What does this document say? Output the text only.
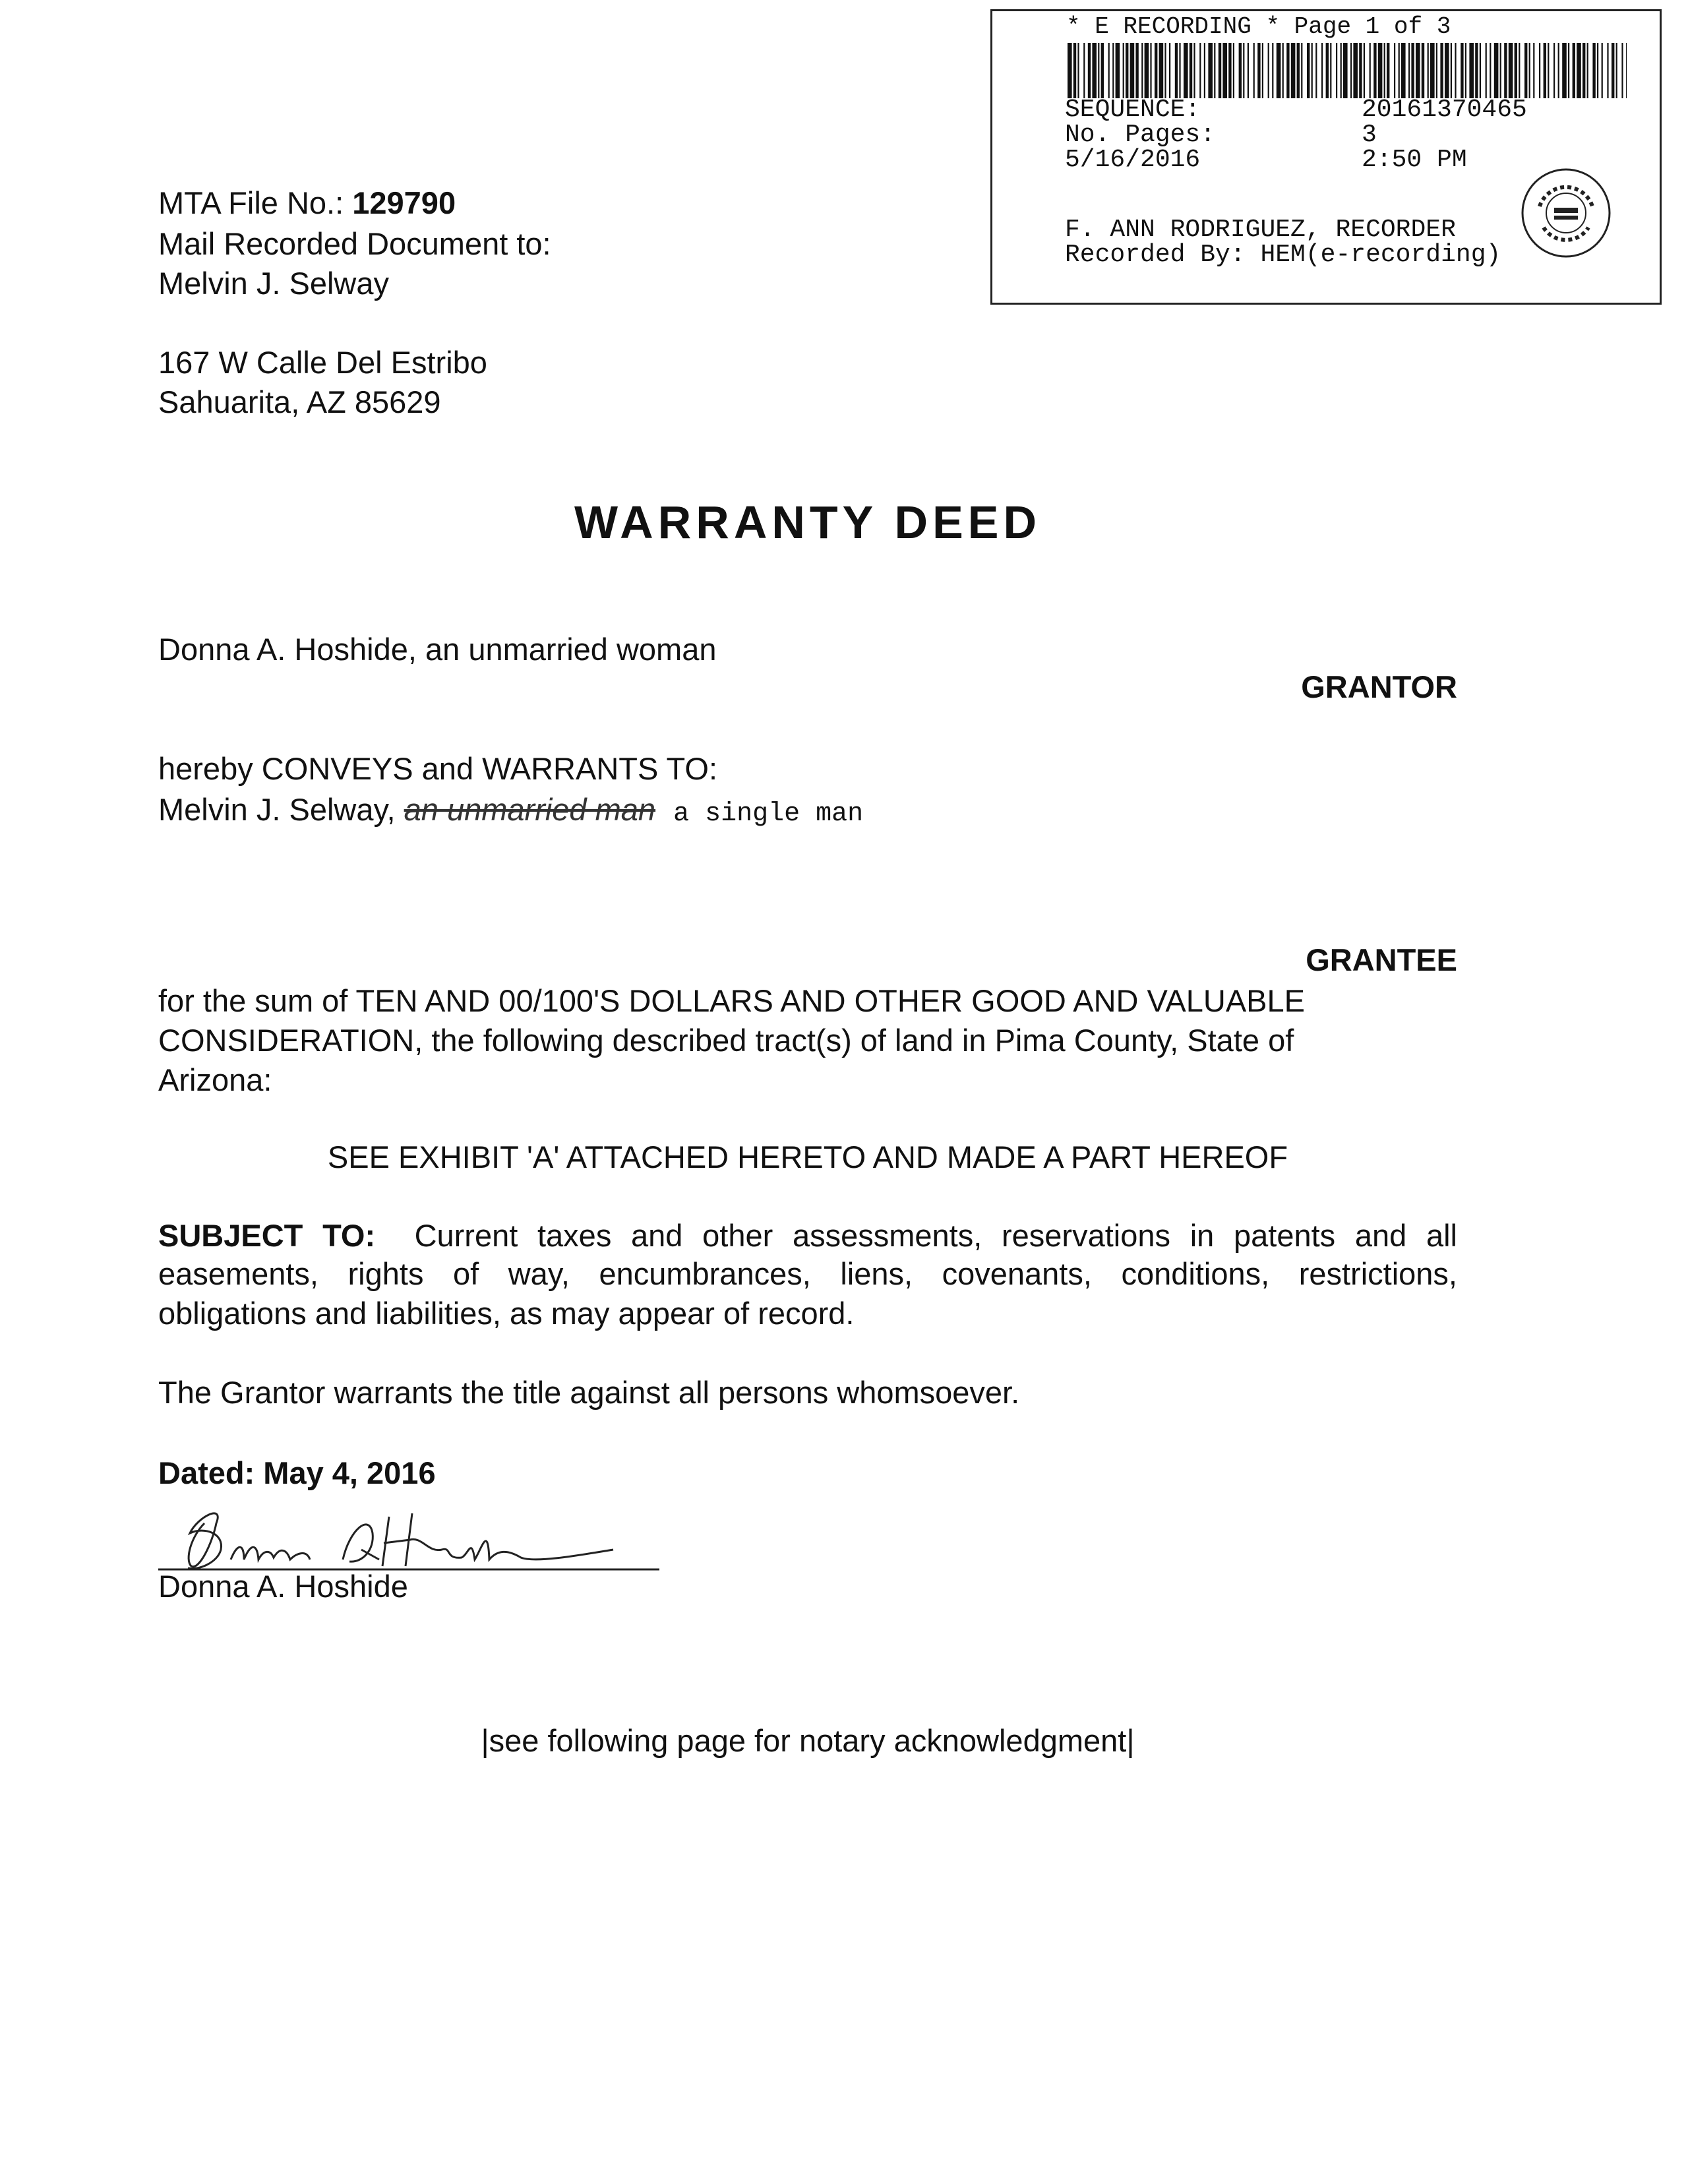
* E RECORDING * Page 1 of 3
SEQUENCE:	20161370465
No. Pages:	3
5/16/2016	2:50 PM
F. ANN RODRIGUEZ, RECORDER
Recorded By: HEM(e-recording)
MTA File No.: 129790
Mail Recorded Document to:
Melvin J. Selway
167 W Calle Del Estribo
Sahuarita, AZ 85629
WARRANTY DEED
Donna A. Hoshide, an unmarried woman
GRANTOR
hereby CONVEYS and WARRANTS TO:
Melvin J. Selway, an unmarried man a single man
GRANTEE
for the sum of TEN AND 00/100'S DOLLARS AND OTHER GOOD AND VALUABLE
CONSIDERATION, the following described tract(s) of land in Pima County, State of
Arizona:
SEE EXHIBIT 'A' ATTACHED HERETO AND MADE A PART HEREOF
SUBJECT TO: Current taxes and other assessments, reservations in patents and all
easements, rights of way, encumbrances, liens, covenants, conditions, restrictions,
obligations and liabilities, as may appear of record.
The Grantor warrants the title against all persons whomsoever.
Dated: May 4, 2016
Donna A. Hoshide
|see following page for notary acknowledgment|
